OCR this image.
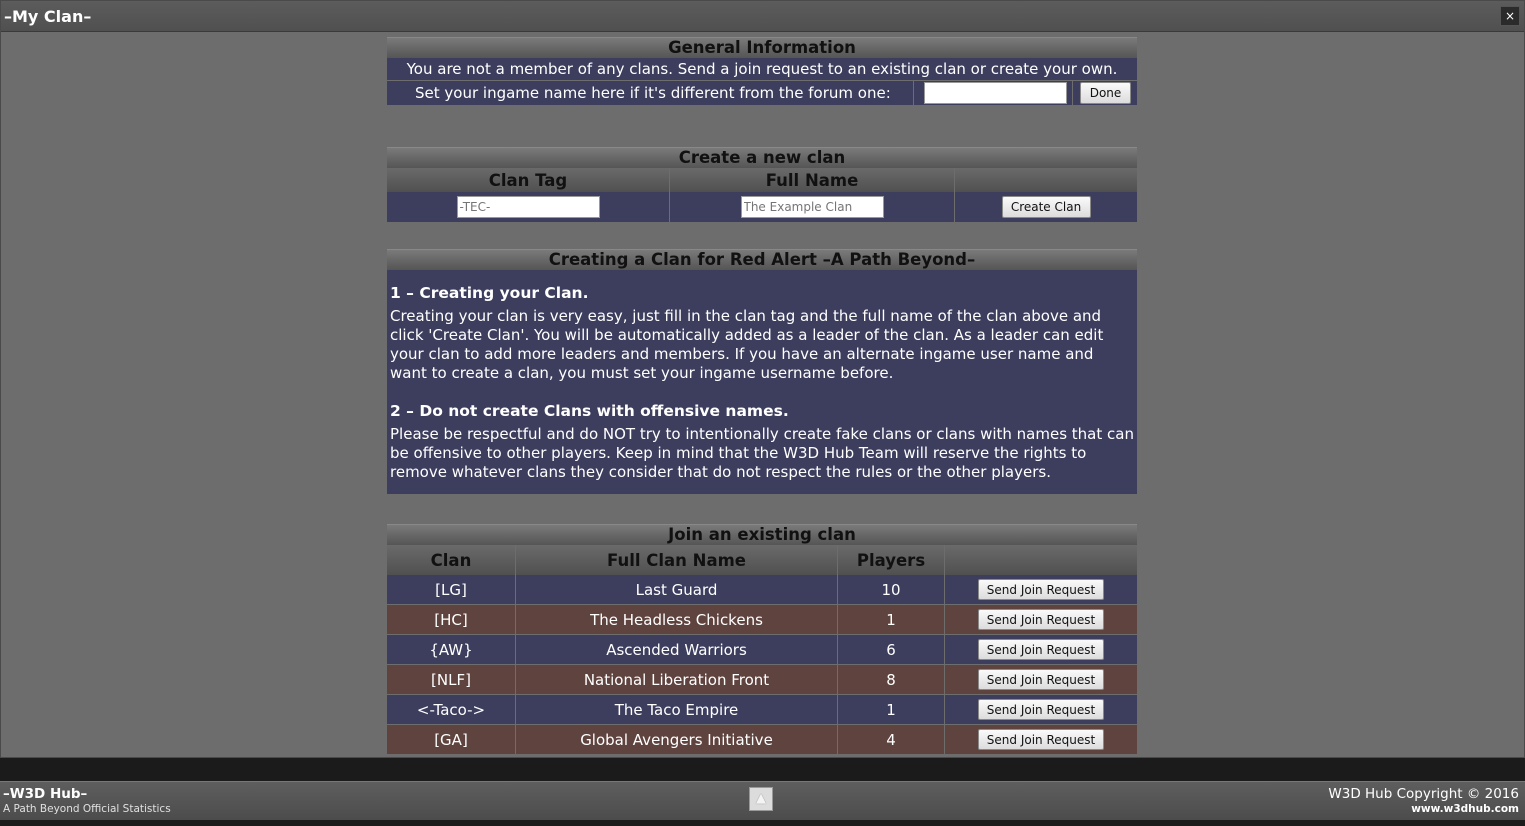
–My Clan–	×
General Information
You are not a member of any clans. Send a join request to an existing clan or create your own.
Set your ingame name here if it's different from the forum one:	Done
Create a new clan
Clan Tag	Full Name	
-TEC-	The Example Clan	Create Clan
Creating a Clan for Red Alert –A Path Beyond–
1 – Creating your Clan.

Creating your clan is very easy, just fill in the clan tag and the full name of the clan above and click 'Create Clan'. You will be automatically added as a leader of the clan. As a leader can edit your clan to add more leaders and members. If you have an alternate ingame user name and want to create a clan, you must set your ingame username before.

2 – Do not create Clans with offensive names.

Please be respectful and do NOT try to intentionally create fake clans or clans with names that can be offensive to other players. Keep in mind that the W3D Hub Team will reserve the rights to remove whatever clans they consider that do not respect the rules or the other players.

Join an existing clan
Clan	Full Clan Name	Players	
[LG]	Last Guard	10	Send Join Request
[HC]	The Headless Chickens	1	Send Join Request
{AW}	Ascended Warriors	6	Send Join Request
[NLF]	National Liberation Front	8	Send Join Request
<-Taco->	The Taco Empire	1	Send Join Request
[GA]	Global Avengers Initiative	4	Send Join Request
–W3D Hub–
A Path Beyond Official Statistics
▲	W3D Hub Copyright © 2016
www.w3dhub.com
